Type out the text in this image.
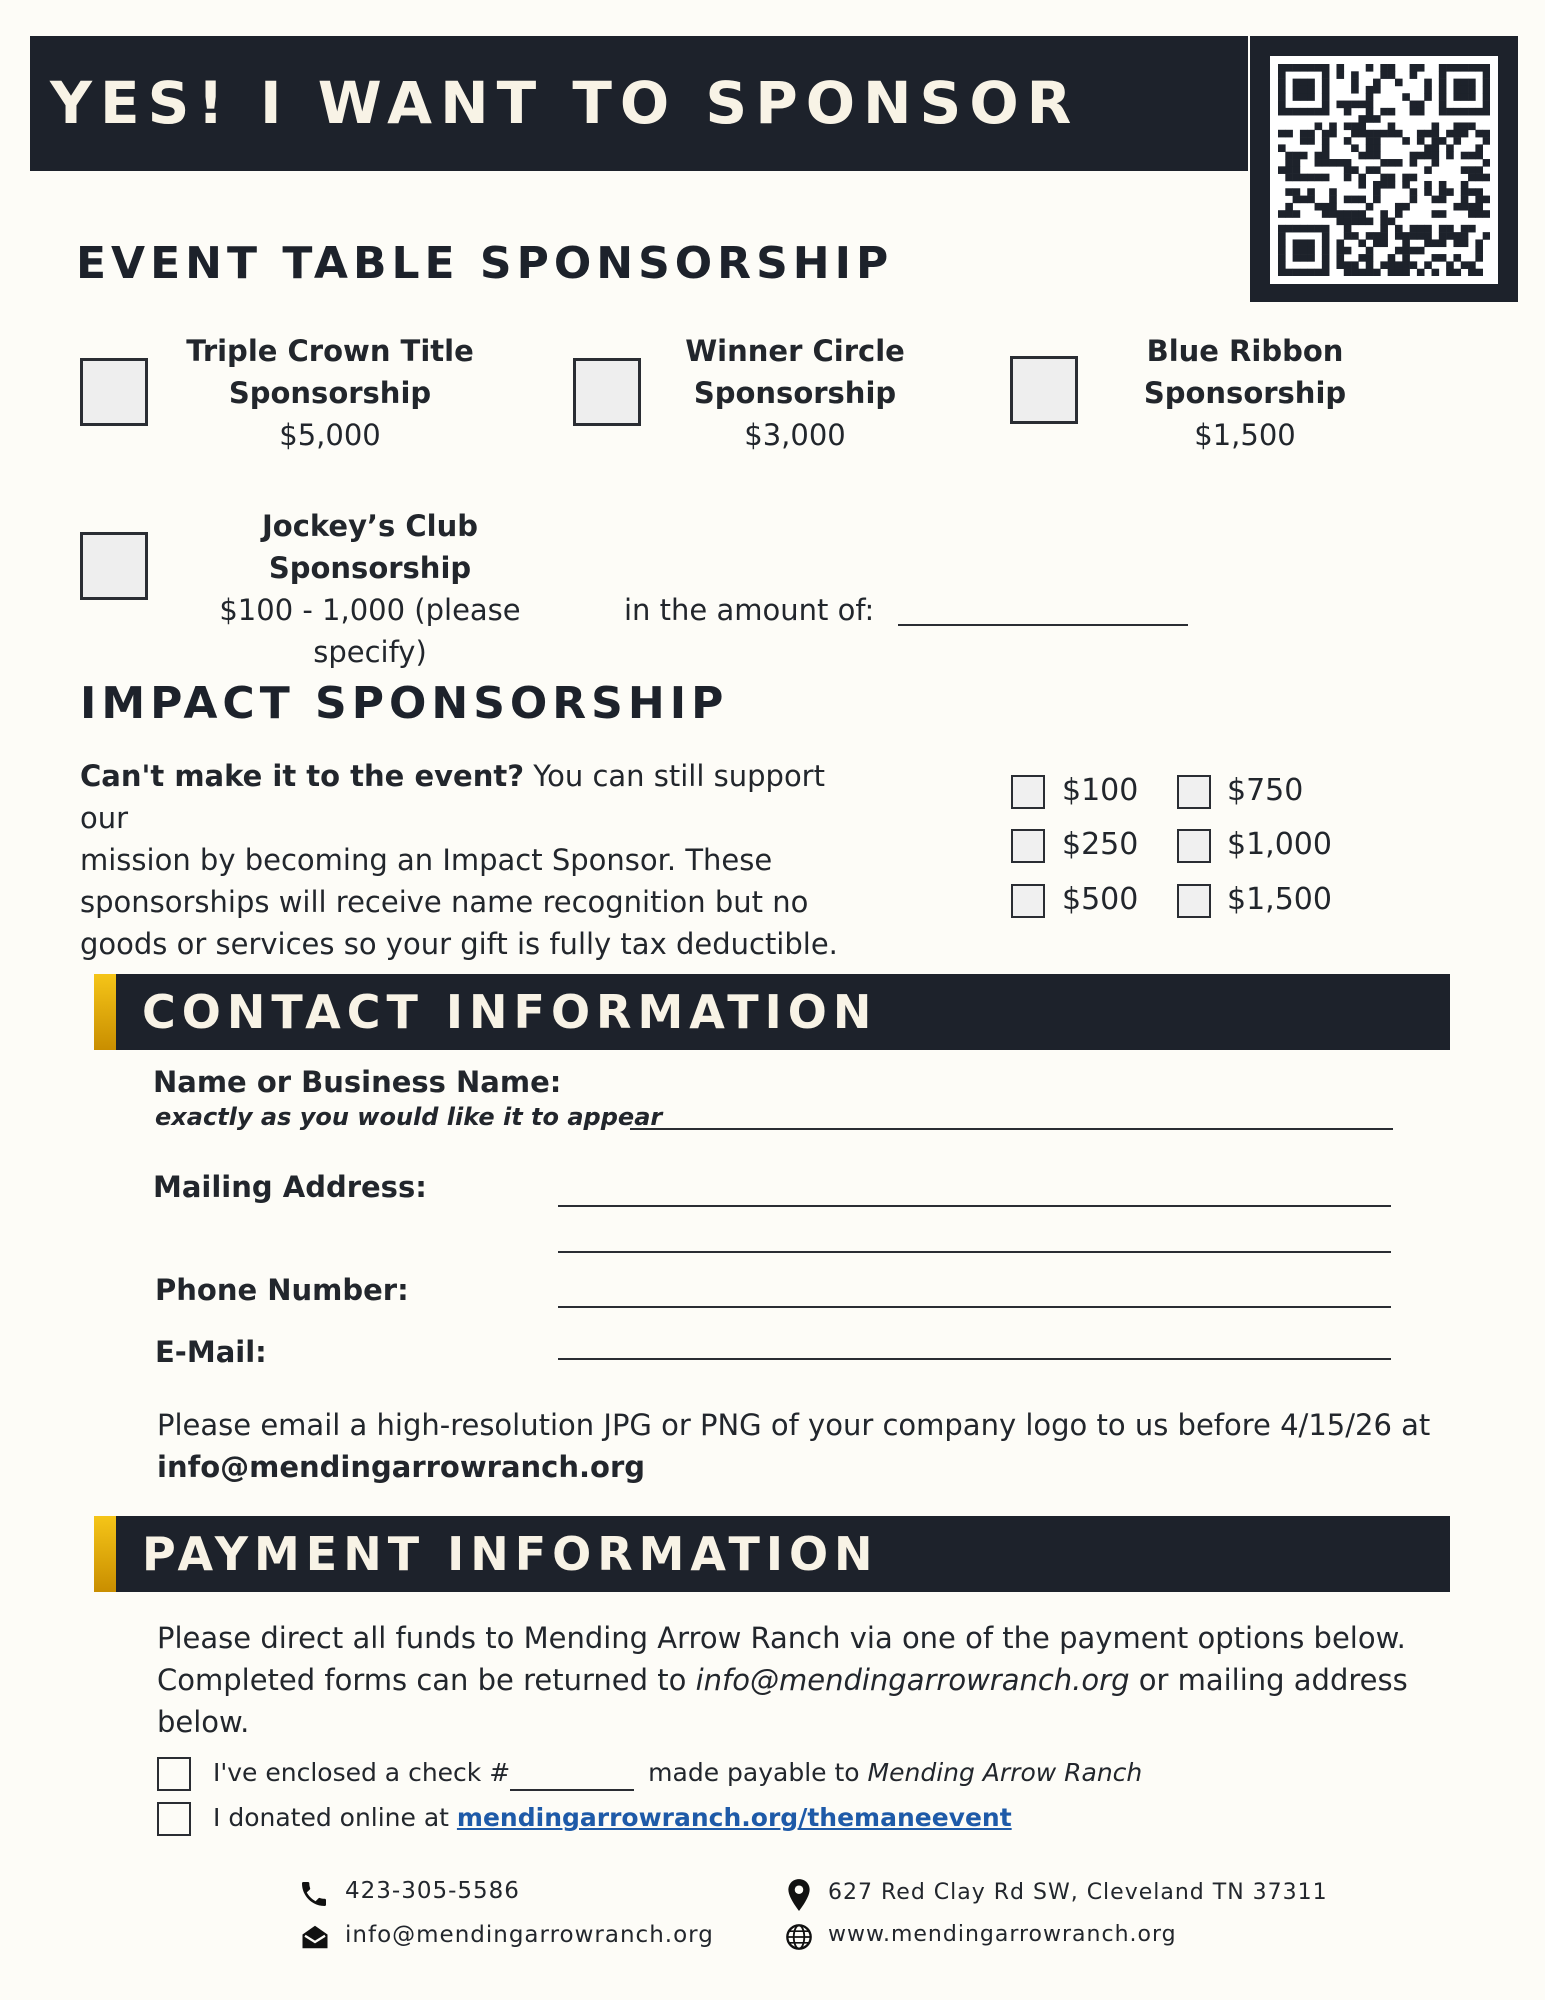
YES! I WANT TO SPONSOR
EVENT TABLE SPONSORSHIP
Triple Crown Title
Sponsorship
$5,000
Winner Circle
Sponsorship
$3,000
Blue Ribbon
Sponsorship
$1,500
Jockey’s Club
Sponsorship
$100 - 1,000 (please specify)
in the amount of:
IMPACT SPONSORSHIP
Can't make it to the event? You can still support our
mission by becoming an Impact Sponsor. These
sponsorships will receive name recognition but no
goods or services so your gift is fully tax deductible.
$100
$250
$500
$750
$1,000
$1,500
CONTACT INFORMATION
Name or Business Name:
exactly as you would like it to appear
Mailing Address:
Phone Number:
E-Mail:
Please email a high-resolution JPG or PNG of your company logo to us before 4/15/26 at
info@mendingarrowranch.org
PAYMENT INFORMATION
Please direct all funds to Mending Arrow Ranch via one of the payment options below.
Completed forms can be returned to info@mendingarrowranch.org or mailing address below.
I've enclosed a check #	made payable to Mending Arrow Ranch
I donated online at mendingarrowranch.org/themaneevent
423-305-5586
info@mendingarrowranch.org
627 Red Clay Rd SW, Cleveland TN 37311
www.mendingarrowranch.org
